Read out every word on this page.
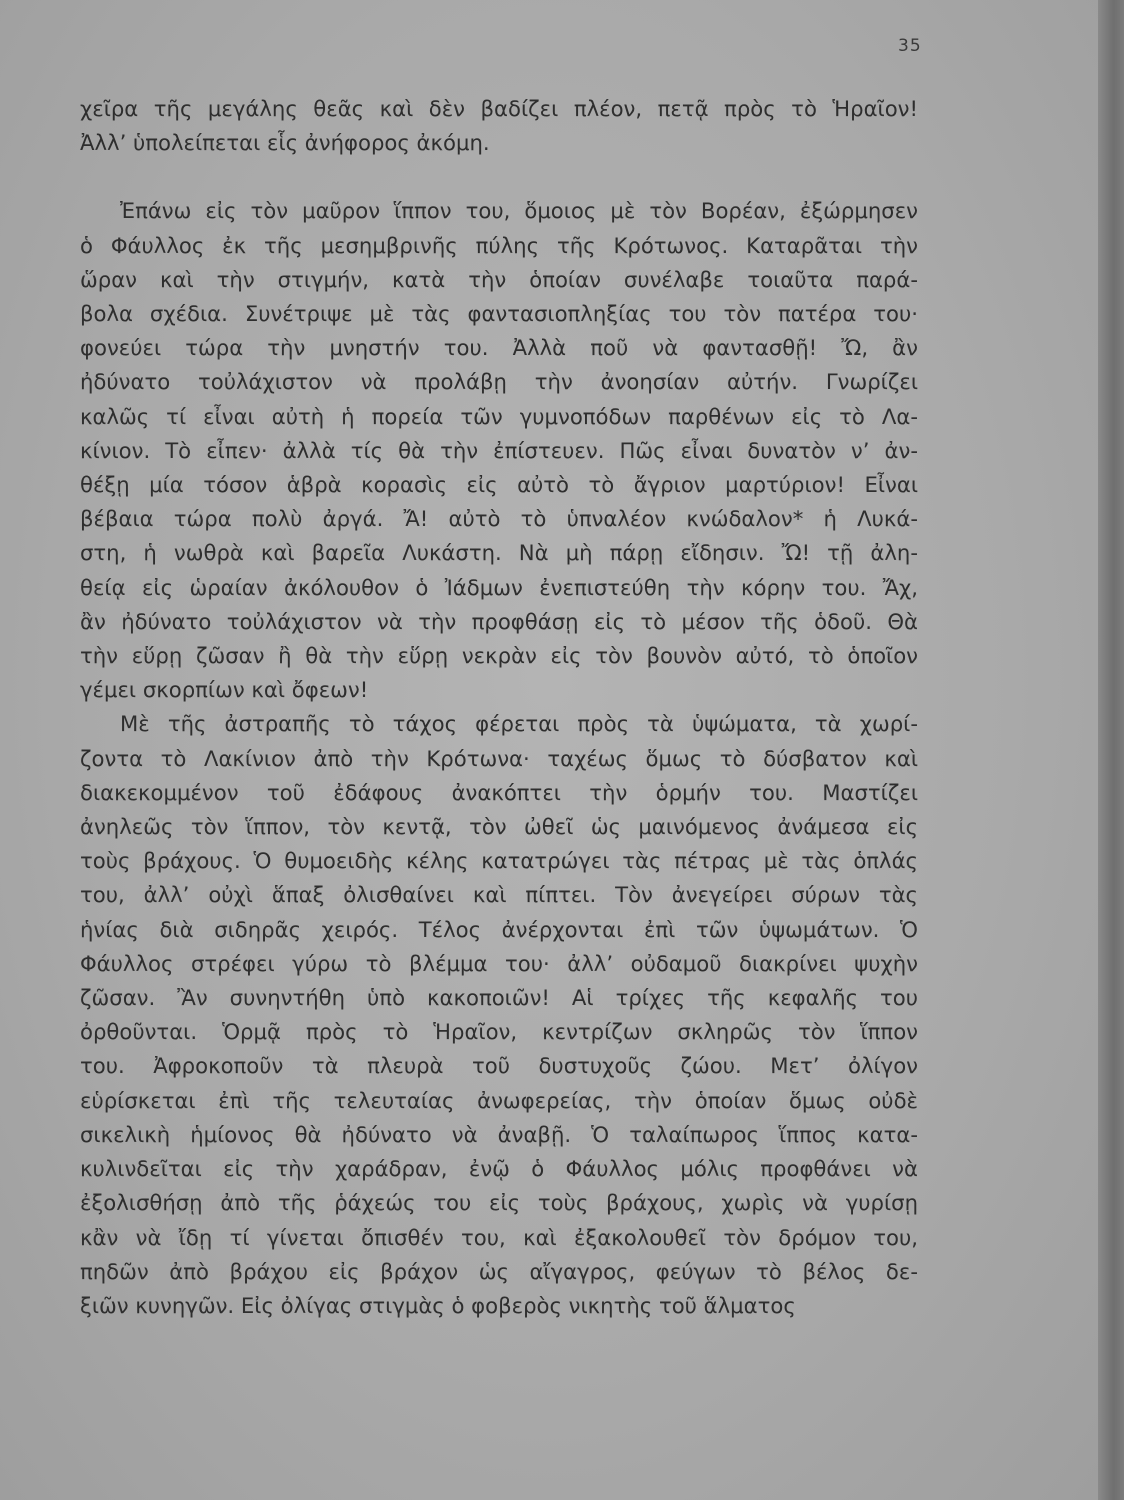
35
χεῖρα τῆς μεγάλης θεᾶς καὶ δὲν βαδίζει πλέον, πετᾷ πρὸς τὸ Ἡραῖον!
Ἀλλ’ ὑπολείπεται εἷς ἀνήφορος ἀκόμη.
Ἐπάνω εἰς τὸν μαῦρον ἵππον του, ὅμοιος μὲ τὸν Βορέαν, ἐξώρμησεν
ὁ Φάυλλος ἐκ τῆς μεσημβρινῆς πύλης τῆς Κρότωνος. Καταρᾶται τὴν
ὥραν καὶ τὴν στιγμήν, κατὰ τὴν ὁποίαν συνέλαβε τοιαῦτα παρά-
βολα σχέδια. Συνέτριψε μὲ τὰς φαντασιοπληξίας του τὸν πατέρα του·
φονεύει τώρα τὴν μνηστήν του. Ἀλλὰ ποῦ νὰ φαντασθῇ! Ὤ, ἂν
ἠδύνατο τοὐλάχιστον νὰ προλάβῃ τὴν ἀνοησίαν αὐτήν. Γνωρίζει
καλῶς τί εἶναι αὐτὴ ἡ πορεία τῶν γυμνοπόδων παρθένων εἰς τὸ Λα-
κίνιον. Τὸ εἶπεν· ἀλλὰ τίς θὰ τὴν ἐπίστευεν. Πῶς εἶναι δυνατὸν ν’ ἀν-
θέξῃ μία τόσον ἁβρὰ κορασὶς εἰς αὐτὸ τὸ ἄγριον μαρτύριον! Εἶναι
βέβαια τώρα πολὺ ἀργά. Ἄ! αὐτὸ τὸ ὑπναλέον κνώδαλον* ἡ Λυκά-
στη, ἡ νωθρὰ καὶ βαρεῖα Λυκάστη. Νὰ μὴ πάρῃ εἴδησιν. Ὤ! τῇ ἀλη-
θείᾳ εἰς ὡραίαν ἀκόλουθον ὁ Ἰάδμων ἐνεπιστεύθη τὴν κόρην του. Ἄχ,
ἂν ἠδύνατο τοὐλάχιστον νὰ τὴν προφθάσῃ εἰς τὸ μέσον τῆς ὁδοῦ. Θὰ
τὴν εὕρῃ ζῶσαν ἢ θὰ τὴν εὕρῃ νεκρὰν εἰς τὸν βουνὸν αὐτό, τὸ ὁποῖον
γέμει σκορπίων καὶ ὄφεων!
Μὲ τῆς ἀστραπῆς τὸ τάχος φέρεται πρὸς τὰ ὑψώματα, τὰ χωρί-
ζοντα τὸ Λακίνιον ἀπὸ τὴν Κρότωνα· ταχέως ὅμως τὸ δύσβατον καὶ
διακεκομμένον τοῦ ἐδάφους ἀνακόπτει τὴν ὁρμήν του. Μαστίζει
ἀνηλεῶς τὸν ἵππον, τὸν κεντᾷ, τὸν ὠθεῖ ὡς μαινόμενος ἀνάμεσα εἰς
τοὺς βράχους. Ὁ θυμοειδὴς κέλης κατατρώγει τὰς πέτρας μὲ τὰς ὁπλάς
του, ἀλλ’ οὐχὶ ἅπαξ ὀλισθαίνει καὶ πίπτει. Τὸν ἀνεγείρει σύρων τὰς
ἡνίας διὰ σιδηρᾶς χειρός. Τέλος ἀνέρχονται ἐπὶ τῶν ὑψωμάτων. Ὁ
Φάυλλος στρέφει γύρω τὸ βλέμμα του· ἀλλ’ οὐδαμοῦ διακρίνει ψυχὴν
ζῶσαν. Ἂν συνηντήθη ὑπὸ κακοποιῶν! Αἱ τρίχες τῆς κεφαλῆς του
ὀρθοῦνται. Ὁρμᾷ πρὸς τὸ Ἡραῖον, κεντρίζων σκληρῶς τὸν ἵππον
του. Ἀφροκοποῦν τὰ πλευρὰ τοῦ δυστυχοῦς ζώου. Μετ’ ὀλίγον
εὑρίσκεται ἐπὶ τῆς τελευταίας ἀνωφερείας, τὴν ὁποίαν ὅμως οὐδὲ
σικελικὴ ἡμίονος θὰ ἠδύνατο νὰ ἀναβῇ. Ὁ ταλαίπωρος ἵππος κατα-
κυλινδεῖται εἰς τὴν χαράδραν, ἐνῷ ὁ Φάυλλος μόλις προφθάνει νὰ
ἐξολισθήσῃ ἀπὸ τῆς ῥάχεώς του εἰς τοὺς βράχους, χωρὶς νὰ γυρίσῃ
κἂν νὰ ἴδῃ τί γίνεται ὄπισθέν του, καὶ ἐξακολουθεῖ τὸν δρόμον του,
πηδῶν ἀπὸ βράχου εἰς βράχον ὡς αἴγαγρος, φεύγων τὸ βέλος δε-
ξιῶν κυνηγῶν. Εἰς ὀλίγας στιγμὰς ὁ φοβερὸς νικητὴς τοῦ ἅλματος
